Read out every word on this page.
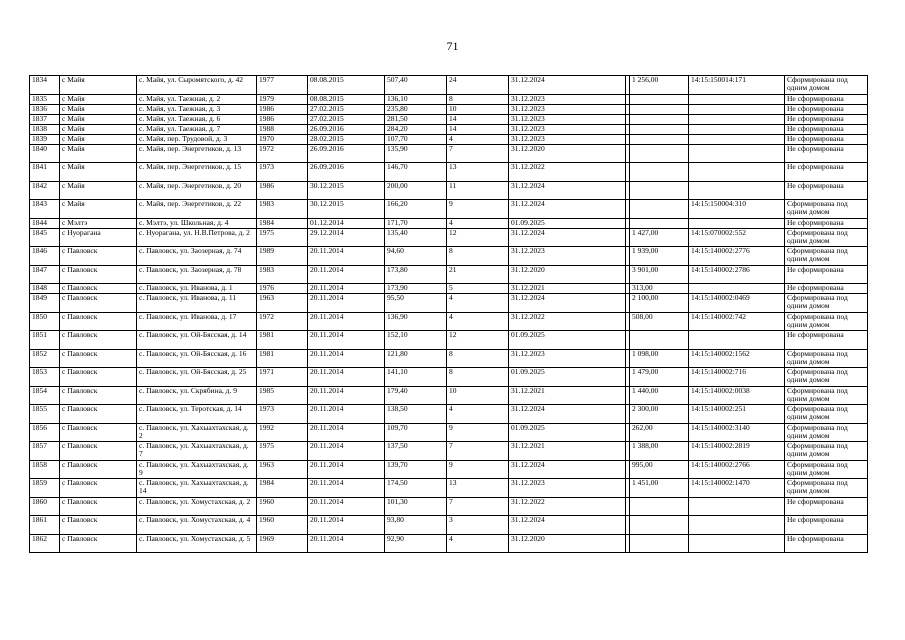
71
1834	с Майя	с. Майя, ул. Сыромятского, д. 42	1977	08.08.2015	507,40	24	31.12.2024		1 256,00	14:15:150014:171	Сформирована под одним домом
1835	с Майя	с. Майя, ул. Таежная, д. 2	1979	08.08.2015	136,10	8	31.12.2023				Не сформирована
1836	с Майя	с. Майя, ул. Таежная, д. 3	1986	27.02.2015	235,80	10	31.12.2023				Не сформирована
1837	с Майя	с. Майя, ул. Таежная, д. 6	1986	27.02.2015	281,50	14	31.12.2023				Не сформирована
1838	с Майя	с. Майя, ул. Таежная, д. 7	1988	26.09.2016	284,20	14	31.12.2023				Не сформирована
1839	с Майя	с. Майя, пер. Трудовой, д. 3	1970	28.02.2015	107,70	4	31.12.2023				Не сформирована
1840	с Майя	с. Майя, пер. Энергетиков, д. 13	1972	26.09.2016	135,90	7	31.12.2020				Не сформирована
1841	с Майя	с. Майя, пер. Энергетиков, д. 15	1973	26.09.2016	146,70	13	31.12.2022				Не сформирована
1842	с Майя	с. Майя, пер. Энергетиков, д. 20	1986	30.12.2015	200,00	11	31.12.2024				Не сформирована
1843	с Майя	с. Майя, пер. Энергетиков, д. 22	1983	30.12.2015	166,20	9	31.12.2024			14:15:150004:310	Сформирована под одним домом
1844	с Мэлтэ	с. Мэлтэ, ул. Школьная, д. 4	1984	01.12.2014	171,70	4	01.09.2025				Не сформирована
1845	с Нуорагана	с. Нуорагана, ул. Н.В.Петрова, д. 2	1975	29.12.2014	135,40	12	31.12.2024		1 427,00	14:15:070002:552	Сформирована под одним домом
1846	с Павловск	с. Павловск, ул. Заозерная, д. 74	1989	20.11.2014	94,60	8	31.12.2023		1 939,00	14:15:140002:2776	Сформирована под одним домом
1847	с Павловск	с. Павловск, ул. Заозерная, д. 78	1983	20.11.2014	173,80	21	31.12.2020		3 901,00	14:15:140002:2786	Не сформирована
1848	с Павловск	с. Павловск, ул. Иванова, д. 1	1976	20.11.2014	173,90	5	31.12.2021		313,00		Не сформирована
1849	с Павловск	с. Павловск, ул. Иванова, д. 11	1963	20.11.2014	95,50	4	31.12.2024		2 100,00	14:15:140002:0469	Сформирована под одним домом
1850	с Павловск	с. Павловск, ул. Иванова, д. 17	1972	20.11.2014	136,90	4	31.12.2022		508,00	14:15:140002:742	Сформирована под одним домом
1851	с Павловск	с. Павловск, ул. Ой-Бясская, д. 14	1981	20.11.2014	152,10	12	01.09.2025				Не сформирована
1852	с Павловск	с. Павловск, ул. Ой-Бясская, д. 16	1981	20.11.2014	121,80	8	31.12.2023		1 098,00	14:15:140002:1562	Сформирована под одним домом
1853	с Павловск	с. Павловск, ул. Ой-Бясская, д. 25	1971	20.11.2014	141,10	8	01.09.2025		1 479,00	14:15:140002:716	Сформирована под одним домом
1854	с Павловск	с. Павловск, ул. Скрябина, д. 9	1985	20.11.2014	179,40	10	31.12.2021		1 440,00	14:15:140002:0038	Сформирована под одним домом
1855	с Павловск	с. Павловск, ул. Теротская, д. 14	1973	20.11.2014	138,50	4	31.12.2024		2 300,00	14:15:140002:251	Сформирована под одним домом
1856	с Павловск	с. Павловск, ул. Хахыахтахская, д. 2	1992	20.11.2014	109,70	9	01.09.2025		262,00	14:15:140002:3140	Сформирована под одним домом
1857	с Павловск	с. Павловск, ул. Хахыахтахская, д. 7	1975	20.11.2014	137,50	7	31.12.2021		1 388,00	14:15:140002:2819	Сформирована под одним домом
1858	с Павловск	с. Павловск, ул. Хахыахтахская, д. 9	1963	20.11.2014	139,70	9	31.12.2024		995,00	14:15:140002:2766	Сформирована под одним домом
1859	с Павловск	с. Павловск, ул. Хахыахтахская, д. 14	1984	20.11.2014	174,50	13	31.12.2023		1 451,00	14:15:140002:1470	Сформирована под одним домом
1860	с Павловск	с. Павловск, ул. Хомустахская, д. 2	1960	20.11.2014	101,30	7	31.12.2022				Не сформирована
1861	с Павловск	с. Павловск, ул. Хомустахская, д. 4	1960	20.11.2014	93,80	3	31.12.2024				Не сформирована
1862	с Павловск	с. Павловск, ул. Хомустахская, д. 5	1969	20.11.2014	92,90	4	31.12.2020				Не сформирована
